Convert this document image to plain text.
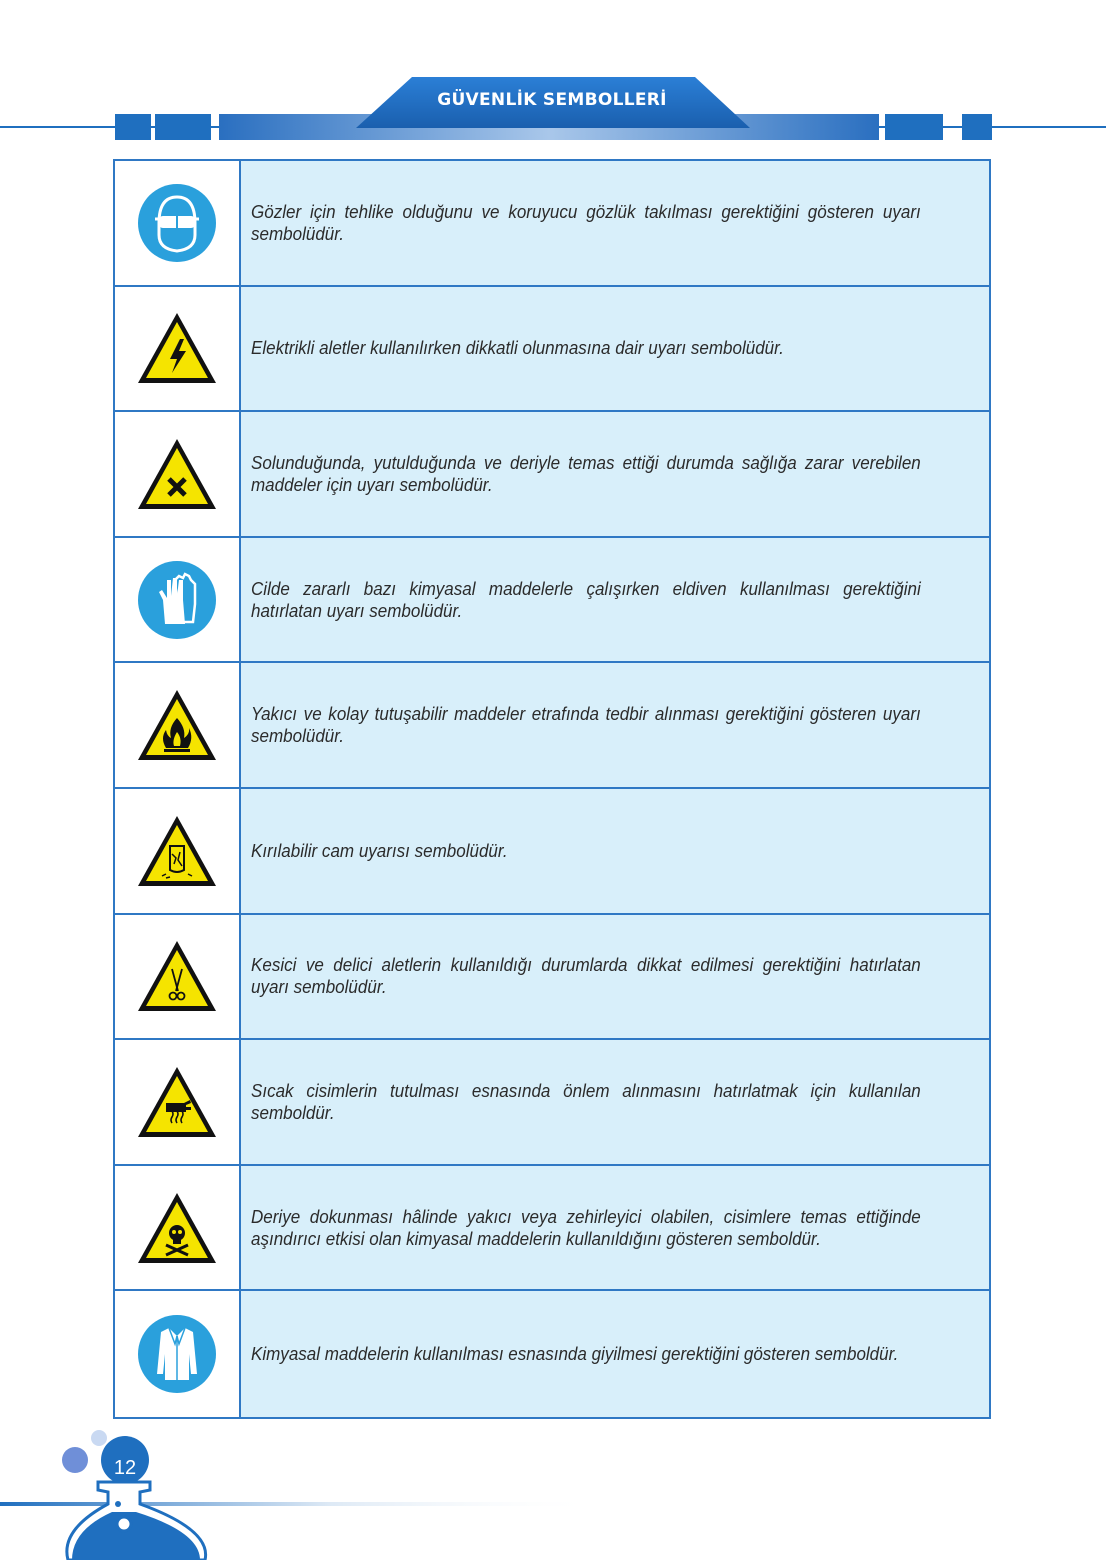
GÜVENLİK SEMBOLLERİ

Gözler için tehlike olduğunu ve koruyucu gözlük takılması gerektiğini gösteren uyarı sembolüdür.

Elektrikli aletler kullanılırken dikkatli olunmasına dair uyarı sembolüdür.

Solunduğunda, yutulduğunda ve deriyle temas ettiği durumda sağlığa zarar verebilen maddeler için uyarı sembolüdür.

Cilde zararlı bazı kimyasal maddelerle çalışırken eldiven kullanılması gerektiğini hatırlatan uyarı sembolüdür.

Yakıcı ve kolay tutuşabilir maddeler etrafında tedbir alınması gerektiğini gösteren uyarı sembolüdür.

Kırılabilir cam uyarısı sembolüdür.

Kesici ve delici aletlerin kullanıldığı durumlarda dikkat edilmesi gerektiğini hatırlatan uyarı sembolüdür.

Sıcak cisimlerin tutulması esnasında önlem alınmasını hatırlatmak için kullanılan semboldür.

Deriye dokunması hâlinde yakıcı veya zehirleyici olabilen, cisimlere temas ettiğinde aşındırıcı etkisi olan kimyasal maddelerin kullanıldığını gösteren semboldür.

Kimyasal maddelerin kullanılması esnasında giyilmesi gerektiğini gösteren semboldür.

12
